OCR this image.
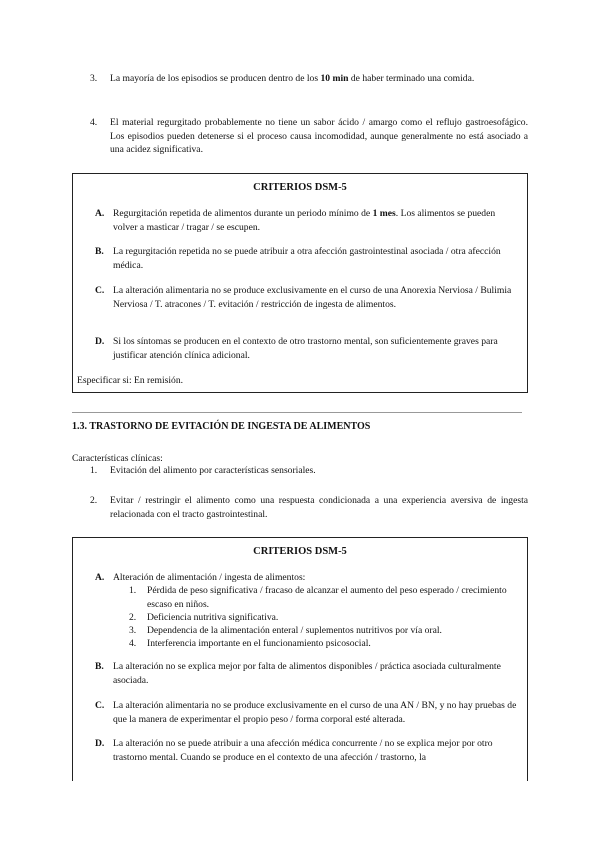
3.	La mayoría de los episodios se producen dentro de los 10 min de haber terminado una comida.
4.	El material regurgitado probablemente no tiene un sabor ácido / amargo como el reflujo gastroesofágico. Los episodios pueden detenerse si el proceso causa incomodidad, aunque generalmente no está asociado a una acidez significativa.
CRITERIOS DSM-5
A. Regurgitación repetida de alimentos durante un periodo mínimo de 1 mes. Los alimentos se pueden volver a masticar / tragar / se escupen.
B. La regurgitación repetida no se puede atribuir a otra afección gastrointestinal asociada / otra afección médica.
C. La alteración alimentaria no se produce exclusivamente en el curso de una Anorexia Nerviosa / Bulimia Nerviosa / T. atracones / T. evitación / restricción de ingesta de alimentos.
D. Si los síntomas se producen en el contexto de otro trastorno mental, son suficientemente graves para justificar atención clínica adicional.
Especificar si: En remisión.
1.3. TRASTORNO DE EVITACIÓN DE INGESTA DE ALIMENTOS
Características clínicas:
1.	Evitación del alimento por características sensoriales.
2.	Evitar / restringir el alimento como una respuesta condicionada a una experiencia aversiva de ingesta relacionada con el tracto gastrointestinal.
CRITERIOS DSM-5
A. Alteración de alimentación / ingesta de alimentos:
1. Pérdida de peso significativa / fracaso de alcanzar el aumento del peso esperado / crecimiento escaso en niños.
2. Deficiencia nutritiva significativa.
3. Dependencia de la alimentación enteral / suplementos nutritivos por vía oral.
4. Interferencia importante en el funcionamiento psicosocial.
B. La alteración no se explica mejor por falta de alimentos disponibles / práctica asociada culturalmente asociada.
C. La alteración alimentaria no se produce exclusivamente en el curso de una AN / BN, y no hay pruebas de que la manera de experimentar el propio peso / forma corporal esté alterada.
D. La alteración no se puede atribuir a una afección médica concurrente / no se explica mejor por otro trastorno mental. Cuando se produce en el contexto de una afección / trastorno, la
